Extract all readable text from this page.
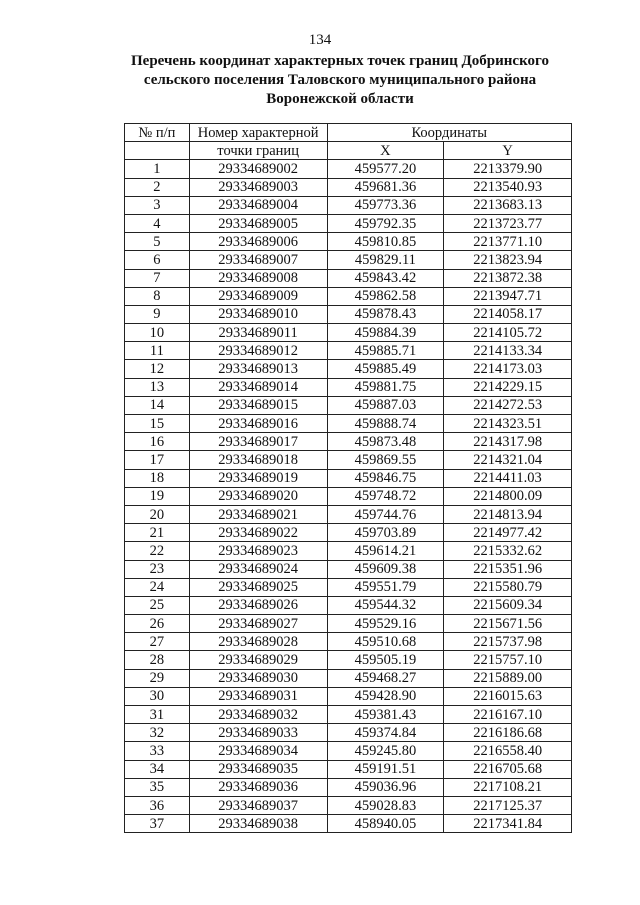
134
Перечень координат характерных точек границ Добринского
сельского поселения Таловского муниципального района
Воронежской области
№ п/п	Номер характерной	Координаты	
	точки границ	X	Y
1	29334689002	459577.20	2213379.90
2	29334689003	459681.36	2213540.93
3	29334689004	459773.36	2213683.13
4	29334689005	459792.35	2213723.77
5	29334689006	459810.85	2213771.10
6	29334689007	459829.11	2213823.94
7	29334689008	459843.42	2213872.38
8	29334689009	459862.58	2213947.71
9	29334689010	459878.43	2214058.17
10	29334689011	459884.39	2214105.72
11	29334689012	459885.71	2214133.34
12	29334689013	459885.49	2214173.03
13	29334689014	459881.75	2214229.15
14	29334689015	459887.03	2214272.53
15	29334689016	459888.74	2214323.51
16	29334689017	459873.48	2214317.98
17	29334689018	459869.55	2214321.04
18	29334689019	459846.75	2214411.03
19	29334689020	459748.72	2214800.09
20	29334689021	459744.76	2214813.94
21	29334689022	459703.89	2214977.42
22	29334689023	459614.21	2215332.62
23	29334689024	459609.38	2215351.96
24	29334689025	459551.79	2215580.79
25	29334689026	459544.32	2215609.34
26	29334689027	459529.16	2215671.56
27	29334689028	459510.68	2215737.98
28	29334689029	459505.19	2215757.10
29	29334689030	459468.27	2215889.00
30	29334689031	459428.90	2216015.63
31	29334689032	459381.43	2216167.10
32	29334689033	459374.84	2216186.68
33	29334689034	459245.80	2216558.40
34	29334689035	459191.51	2216705.68
35	29334689036	459036.96	2217108.21
36	29334689037	459028.83	2217125.37
37	29334689038	458940.05	2217341.84
